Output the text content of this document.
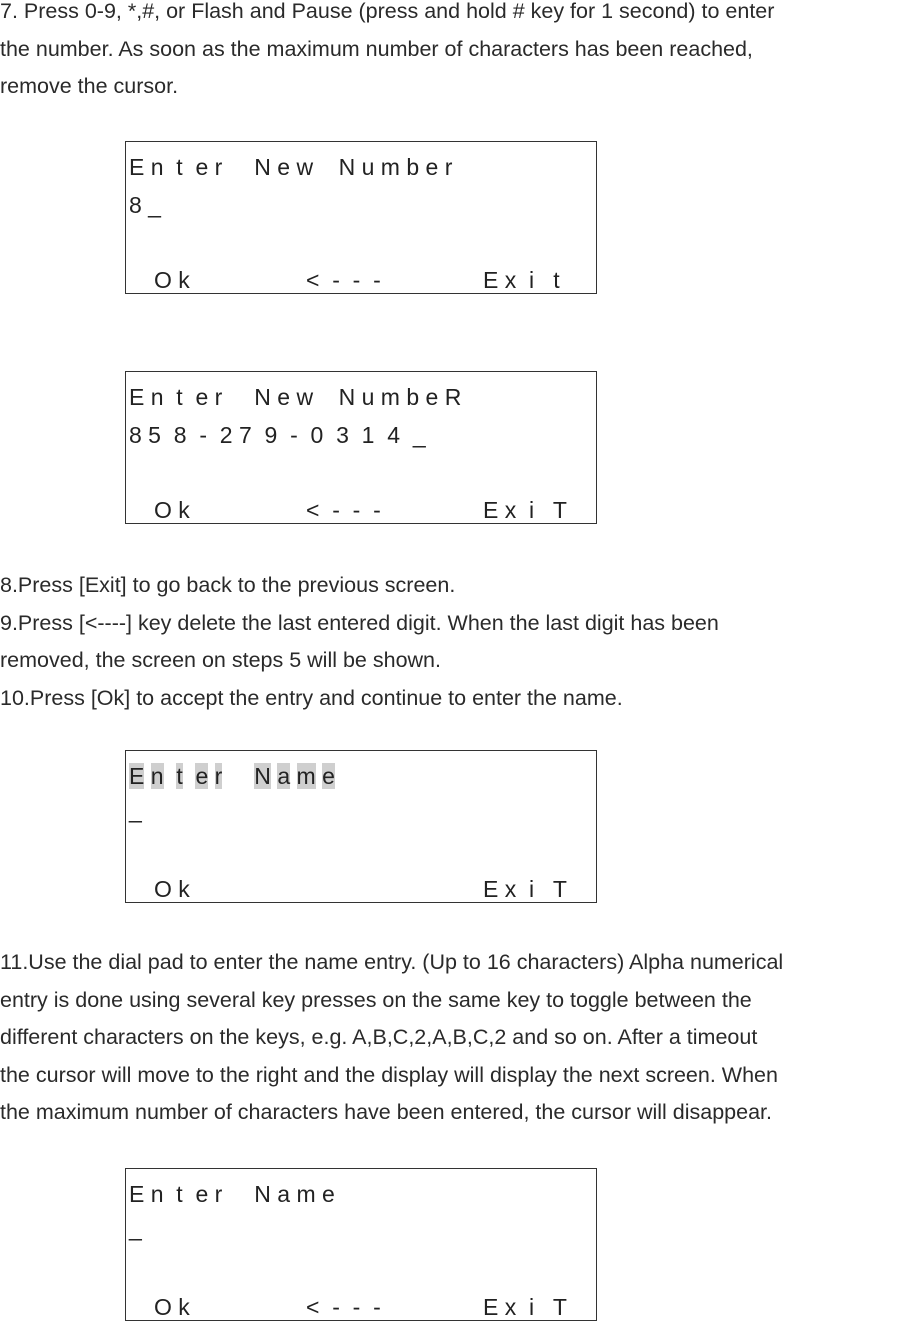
7. Press 0-9, *,#, or Flash and Pause (press and hold # key for 1 second) to enter

the number. As soon as the maximum number of characters has been reached,

remove the cursor.

E n  t  e r     N e w    N u m b e r
8 _
O k	<  -  -  -	E x  i   t
E n  t  e r     N e w    N u m b e R
8 5  8  -  2 7  9  -  0  3  1  4  _
O k	<  -  -  -	E x  i   T

8.Press [Exit] to go back to the previous screen.

9.Press [<----] key delete the last entered digit. When the last digit has been

removed, the screen on steps 5 will be shown.

10.Press [Ok] to accept the entry and continue to enter the name.

E n t e r N a m e
_
O k	E x  i   T

11.Use the dial pad to enter the name entry. (Up to 16 characters) Alpha numerical

entry is done using several key presses on the same key to toggle between the

different characters on the keys, e.g. A,B,C,2,A,B,C,2 and so on. After a timeout

the cursor will move to the right and the display will display the next screen. When

the maximum number of characters have been entered, the cursor will disappear.

E n  t  e r     N a m e
_
O k	<  -  -  -	E x  i   T
